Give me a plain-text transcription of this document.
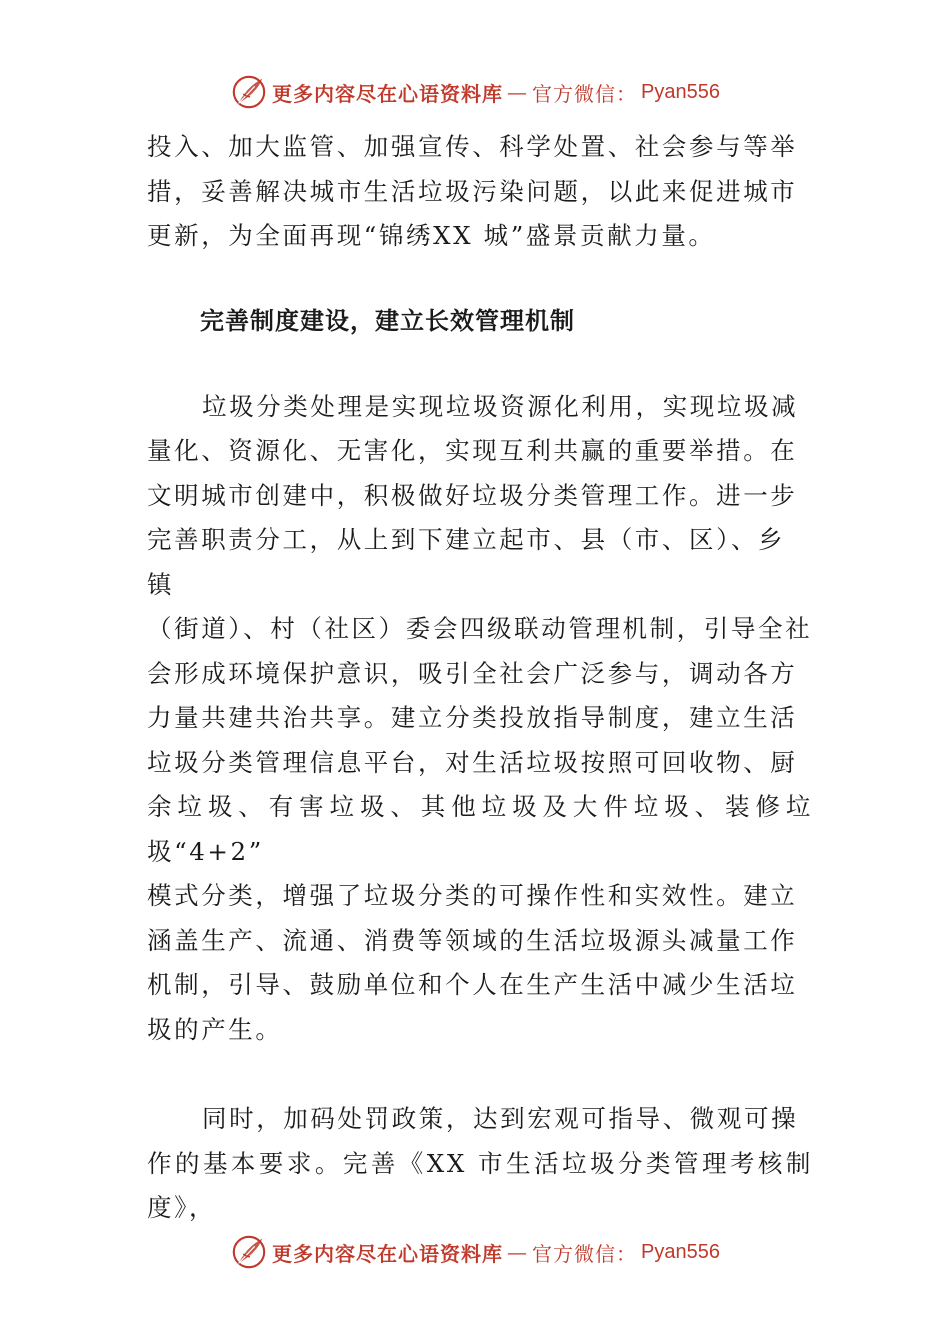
更多内容尽在心语资料库 — 官方微信： Pyan556

投入、加大监管、加强宣传、科学处置、社会参与等举
措，妥善解决城市生活垃圾污染问题，以此来促进城市
更新，为全面再现“锦绣XX 城”盛景贡献力量。

完善制度建设，建立长效管理机制

垃圾分类处理是实现垃圾资源化利用，实现垃圾减
量化、资源化、无害化，实现互利共赢的重要举措。在
文明城市创建中，积极做好垃圾分类管理工作。进一步
完善职责分工，从上到下建立起市、县（市、区）、乡
镇

（街道）、村（社区）委会四级联动管理机制，引导全社
会形成环境保护意识，吸引全社会广泛参与，调动各方
力量共建共治共享。建立分类投放指导制度，建立生活
垃圾分类管理信息平台，对生活垃圾按照可回收物、厨
余垃圾、有害垃圾、其他垃圾及大件垃圾、装修垃圾“4+2”
模式分类，增强了垃圾分类的可操作性和实效性。建立
涵盖生产、流通、消费等领域的生活垃圾源头减量工作
机制，引导、鼓励单位和个人在生产生活中减少生活垃
圾的产生。

同时，加码处罚政策，达到宏观可指导、微观可操
作的基本要求。完善《XX 市生活垃圾分类管理考核制度》，

更多内容尽在心语资料库 — 官方微信： Pyan556
